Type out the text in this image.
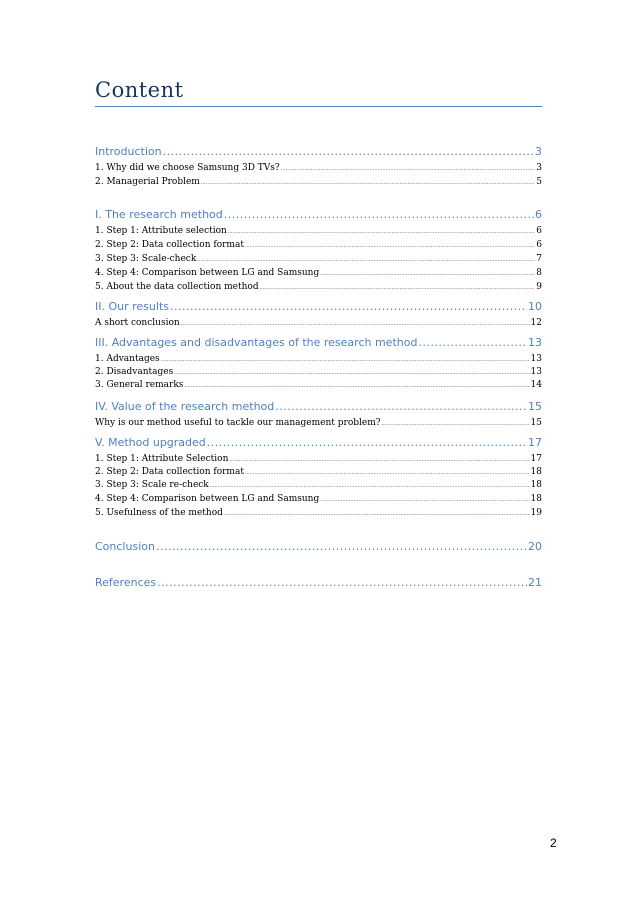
Content
Introduction .....	3
1. Why did we choose Samsung 3D TVs? .....	3
2. Managerial Problem .....	5
I. The research method .....	6
1. Step 1: Attribute selection .....	6
2. Step 2: Data collection format .....	6
3. Step 3: Scale-check .....	7
4. Step 4: Comparison between LG and Samsung .....	8
5. About the data collection method .....	9
II. Our results .....	10
A short conclusion .....	12
III. Advantages and disadvantages of the research method .....	13
1. Advantages .....	13
2. Disadvantages .....	13
3. General remarks .....	14
IV. Value of the research method .....	15
Why is our method useful to tackle our management problem? .....	15
V. Method upgraded .....	17
1. Step 1: Attribute Selection .....	17
2. Step 2: Data collection format .....	18
3. Step 3: Scale re-check .....	18
4. Step 4: Comparison between LG and Samsung .....	18
5. Usefulness of the method .....	19
Conclusion .....	20
References .....	21
2
